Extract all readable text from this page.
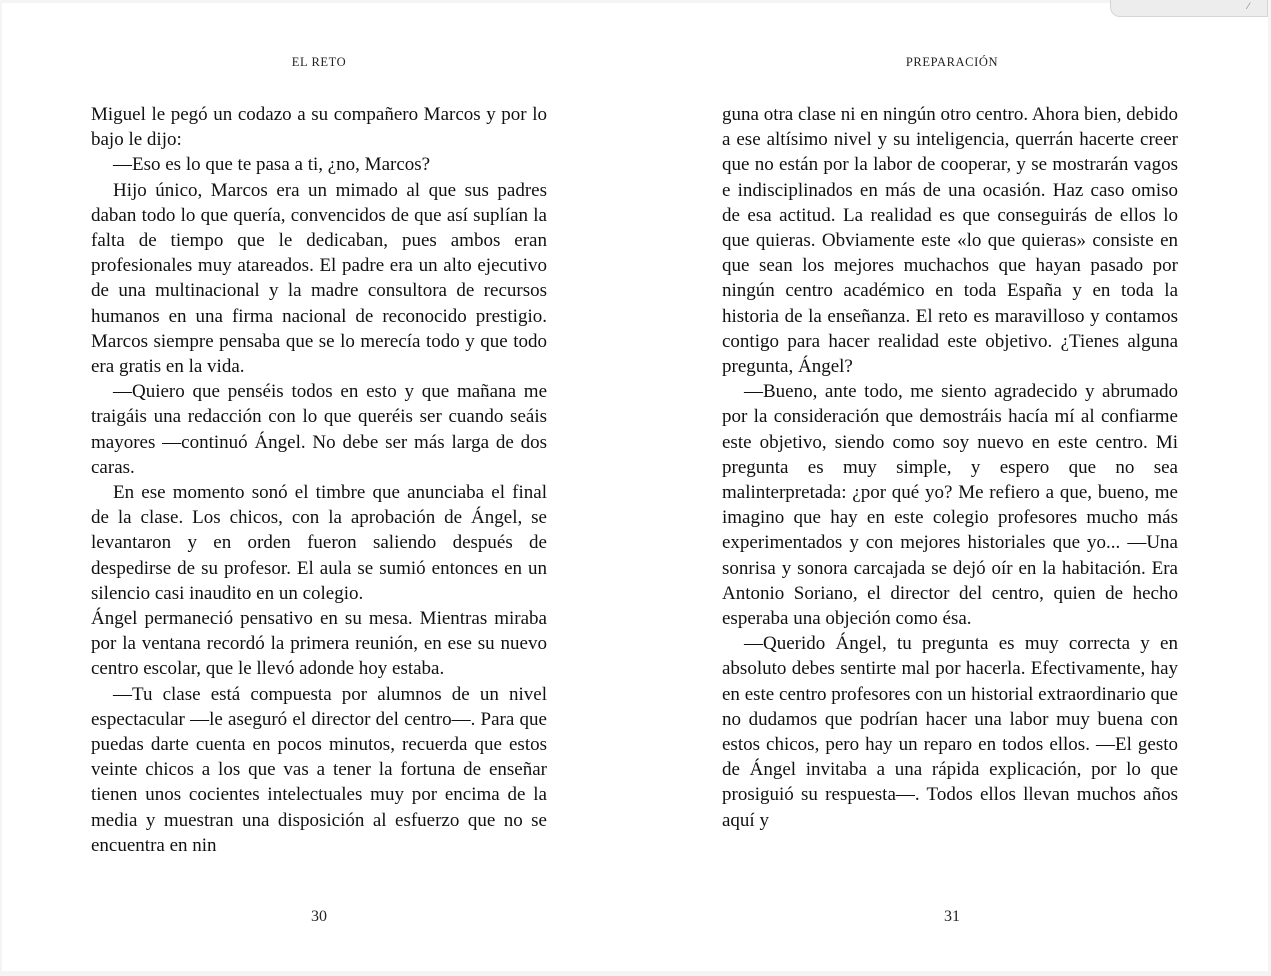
EL RETO

Miguel le pegó un codazo a su compañero Marcos y por lo bajo le dijo:

—Eso es lo que te pasa a ti, ¿no, Marcos?

Hijo único, Marcos era un mimado al que sus padres daban todo lo que quería, convencidos de que así suplían la falta de tiempo que le dedicaban, pues ambos eran profesionales muy atareados. El padre era un alto ejecutivo de una multinacional y la madre consultora de recursos humanos en una firma nacional de reconocido prestigio. Marcos siempre pensaba que se lo merecía todo y que todo era gratis en la vida.

—Quiero que penséis todos en esto y que mañana me traigáis una redacción con lo que queréis ser cuando seáis mayores —continuó Ángel. No debe ser más larga de dos caras.

En ese momento sonó el timbre que anunciaba el final de la clase. Los chicos, con la aprobación de Ángel, se levantaron y en orden fueron saliendo después de despedirse de su profesor. El aula se sumió entonces en un silencio casi inaudito en un colegio.

Ángel permaneció pensativo en su mesa. Mientras miraba por la ventana recordó la primera reunión, en ese su nuevo centro escolar, que le llevó adonde hoy estaba.

—Tu clase está compuesta por alumnos de un nivel espectacular —le aseguró el director del centro—. Para que puedas darte cuenta en pocos minutos, recuerda que estos veinte chicos a los que vas a tener la fortuna de enseñar tienen unos cocientes intelectuales muy por encima de la media y muestran una disposición al esfuerzo que no se encuentra en nin

30
⁄
PREPARACIÓN

guna otra clase ni en ningún otro centro. Ahora bien, debido a ese altísimo nivel y su inteligencia, querrán hacerte creer que no están por la labor de cooperar, y se mostrarán vagos e indisciplinados en más de una ocasión. Haz caso omiso de esa actitud. La realidad es que conseguirás de ellos lo que quieras. Obviamente este «lo que quieras» consiste en que sean los mejores muchachos que hayan pasado por ningún centro académico en toda España y en toda la historia de la enseñanza. El reto es maravilloso y contamos contigo para hacer realidad este objetivo. ¿Tienes alguna pregunta, Ángel?

—Bueno, ante todo, me siento agradecido y abrumado por la consideración que demostráis hacía mí al confiarme este objetivo, siendo como soy nuevo en este centro. Mi pregunta es muy simple, y espero que no sea malinterpretada: ¿por qué yo? Me refiero a que, bueno, me imagino que hay en este colegio profesores mucho más experimentados y con mejores historiales que yo... —Una sonrisa y sonora carcajada se dejó oír en la habitación. Era Antonio Soriano, el director del centro, quien de hecho esperaba una objeción como ésa.

—Querido Ángel, tu pregunta es muy correcta y en absoluto debes sentirte mal por hacerla. Efectivamente, hay en este centro profesores con un historial extraordinario que no dudamos que podrían hacer una labor muy buena con estos chicos, pero hay un reparo en todos ellos. —El gesto de Ángel invitaba a una rápida explicación, por lo que prosiguió su respuesta—. Todos ellos llevan muchos años aquí y

31
